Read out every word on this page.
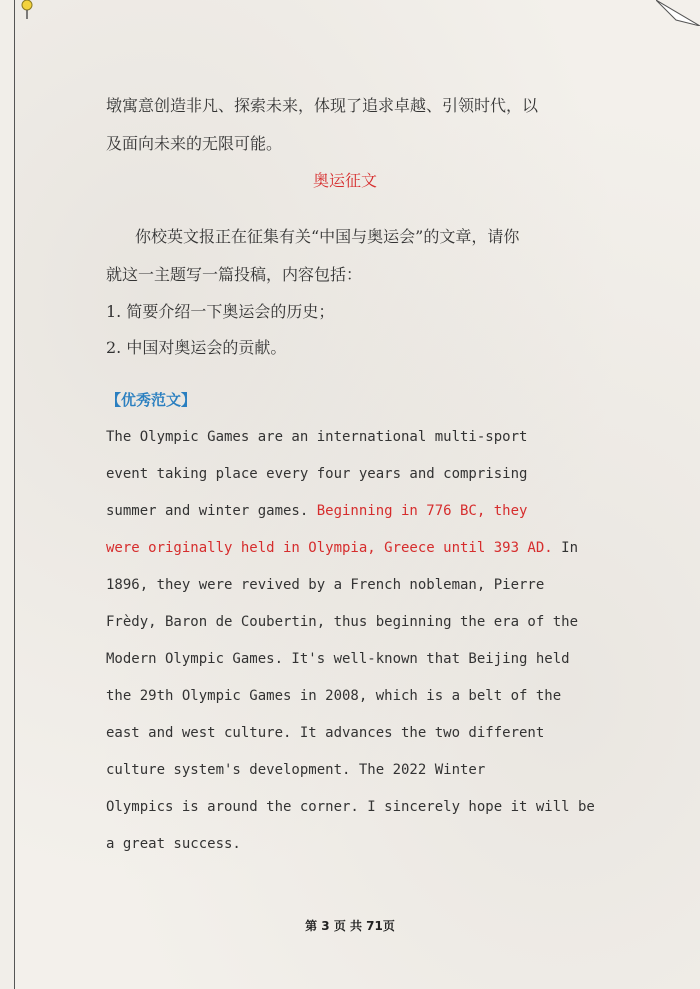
墩寓意创造非凡、探索未来，体现了追求卓越、引领时代，以
及面向未来的无限可能。
奥运征文
你校英文报正在征集有关“中国与奥运会”的文章，请你
就这一主题写一篇投稿，内容包括：
1. 简要介绍一下奥运会的历史；
2. 中国对奥运会的贡献。
【优秀范文】
The Olympic Games are an international multi-sport
event taking place every four years and comprising
summer and winter games. Beginning in 776 BC, they
were originally held in Olympia, Greece until 393 AD. In
1896, they were revived by a French nobleman, Pierre
Frèdy, Baron de Coubertin, thus beginning the era of the
Modern Olympic Games. It's well-known that Beijing held
the 29th Olympic Games in 2008, which is a belt of the
east and west culture. It advances the two different
culture system's development. The 2022 Winter
Olympics is around the corner. I sincerely hope it will be
a great success.
第 3 页 共 71页
